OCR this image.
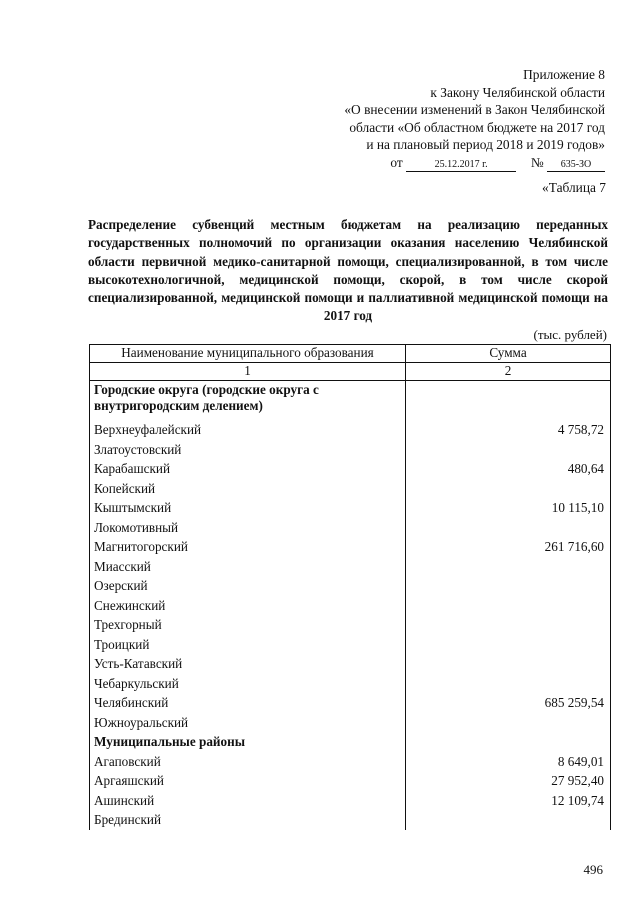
Приложение 8
к Закону Челябинской области
«О внесении изменений в Закон Челябинской
области «Об областном бюджете на 2017 год
и на плановый период 2018 и 2019 годов»
от	25.12.2017 г.	№ 635-ЗО
«Таблица 7
Распределение субвенций местным бюджетам на реализацию переданных государственных полномочий по организации оказания населению Челябинской области первичной медико-санитарной помощи, специализированной, в том числе высокотехнологичной, медицинской помощи, скорой, в том числе скорой специализированной, медицинской помощи и паллиативной медицинской помощи на 2017 год
(тыс. рублей)
Наименование муниципального образования	Сумма
1	2
Городские округа (городские округа с внутригородским делением)	
Верхнеуфалейский	4 758,72
Златоустовский	
Карабашский	480,64
Копейский	
Кыштымский	10 115,10
Локомотивный	
Магнитогорский	261 716,60
Миасский	
Озерский	
Снежинский	
Трехгорный	
Троицкий	
Усть-Катавский	
Чебаркульский	
Челябинский	685 259,54
Южноуральский	
Муниципальные районы	
Агаповский	8 649,01
Аргаяшский	27 952,40
Ашинский	12 109,74
Брединский	
496
